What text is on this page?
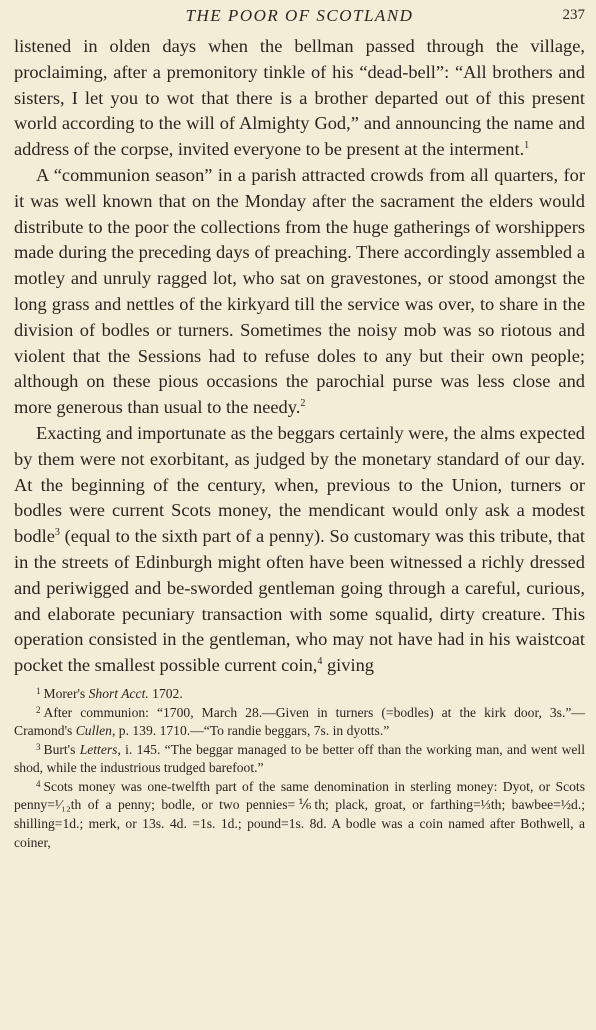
THE POOR OF SCOTLAND	237

listened in olden days when the bellman passed through the village, proclaiming, after a premonitory tinkle of his “dead-bell”: “All brothers and sisters, I let you to wot that there is a brother departed out of this present world according to the will of Almighty God,” and announcing the name and address of the corpse, invited everyone to be present at the interment.$^1$

A “communion season” in a parish attracted crowds from all quarters, for it was well known that on the Monday after the sacrament the elders would distribute to the poor the collections from the huge gatherings of worshippers made during the preceding days of preaching. There accordingly assembled a motley and unruly ragged lot, who sat on gravestones, or stood amongst the long grass and nettles of the kirkyard till the service was over, to share in the division of bodles or turners. Sometimes the noisy mob was so riotous and violent that the Sessions had to refuse doles to any but their own people; although on these pious occasions the parochial purse was less close and more generous than usual to the needy.$^2$

Exacting and importunate as the beggars certainly were, the alms expected by them were not exorbitant, as judged by the monetary standard of our day. At the beginning of the century, when, previous to the Union, turners or bodles were current Scots money, the mendicant would only ask a modest bodle$^3$ (equal to the sixth part of a penny). So customary was this tribute, that in the streets of Edinburgh might often have been witnessed a richly dressed and periwigged and be-sworded gentleman going through a careful, curious, and elaborate pecuniary transaction with some squalid, dirty creature. This operation consisted in the gentleman, who may not have had in his waistcoat pocket the smallest possible current coin,$^4$ giving

$^1$ Morer's Short Acct. 1702.

$^2$ After communion: “1700, March 28.—Given in turners (=bodles) at the kirk door, 3s.”—Cramond's Cullen, p. 139. 1710.—“To randie beggars, 7s. in dyotts.”

$^3$ Burt's Letters, i. 145. “The beggar managed to be better off than the working man, and went well shod, while the industrious trudged barefoot.”

$^4$ Scots money was one-twelfth part of the same denomination in sterling money: Dyot, or Scots penny=¹⁄₁₂th of a penny; bodle, or two pennies=⅙th; plack, groat, or farthing=⅓th; bawbee=½d.; shilling=1d.; merk, or 13s. 4d. =1s. 1d.; pound=1s. 8d. A bodle was a coin named after Bothwell, a coiner,
